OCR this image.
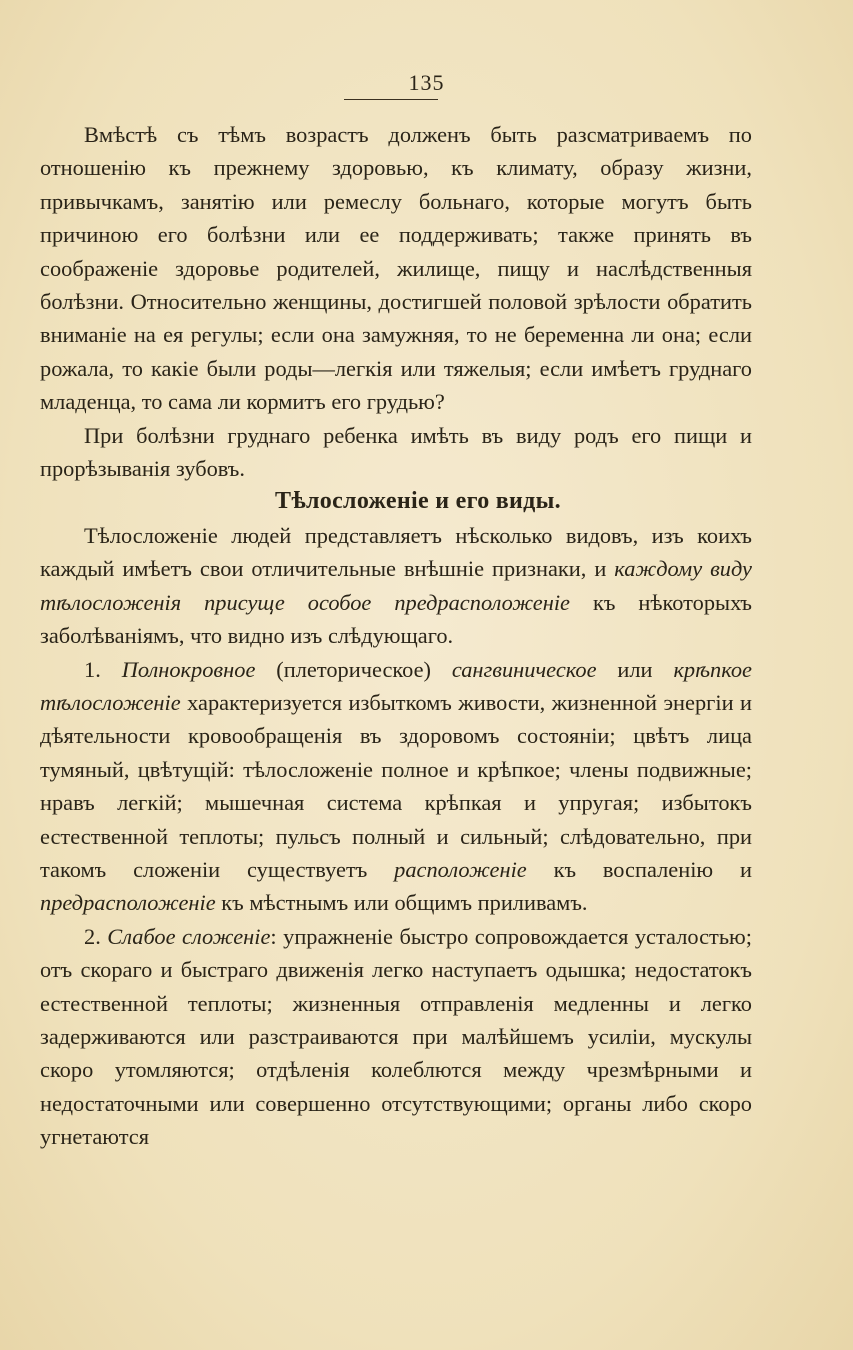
135

Вмѣстѣ съ тѣмъ возрастъ долженъ быть разсматриваемъ по отношенію къ прежнему здоровью, къ климату, образу жизни, привычкамъ, занятію или ремеслу больнаго, которые могутъ быть причиною его болѣзни или ее поддерживать; также принять въ соображеніе здоровье родителей, жилище, пищу и наслѣдственныя болѣзни. Относительно женщины, достигшей половой зрѣлости обратить вниманіе на ея регулы; если она замужняя, то не беременна ли она; если рожала, то какіе были роды—легкія или тяжелыя; если имѣетъ груднаго младенца, то сама ли кормитъ его грудью?

При болѣзни груднаго ребенка имѣть въ виду родъ его пищи и прорѣзыванія зубовъ.

Тѣлосложеніе и его виды.

Тѣлосложеніе людей представляетъ нѣсколько видовъ, изъ коихъ каждый имѣетъ свои отличительные внѣшніе признаки, и каждому виду тѣлосложенія присуще особое предрасположеніе къ нѣкоторыхъ заболѣваніямъ, что видно изъ слѣдующаго.

1. Полнокровное (плеторическое) сангвиническое или крѣпкое тѣлосложеніе характеризуется избыткомъ живости, жизненной энергіи и дѣятельности кровообращенія въ здоровомъ состояніи; цвѣтъ лица тумяный, цвѣтущій: тѣлосложеніе полное и крѣпкое; члены подвижные; нравъ легкій; мышечная система крѣпкая и упругая; избытокъ естественной теплоты; пульсъ полный и сильный; слѣдовательно, при такомъ сложеніи существуетъ расположеніе къ воспаленію и предрасположеніе къ мѣстнымъ или общимъ приливамъ.

2. Слабое сложеніе: упражненіе быстро сопровождается усталостью; отъ скораго и быстраго движенія легко наступаетъ одышка; недостатокъ естественной теплоты; жизненныя отправленія медленны и легко задерживаются или разстраиваются при малѣйшемъ усиліи, мускулы скоро утомляются; отдѣленія колеблются между чрезмѣрными и недостаточными или совершенно отсутствующими; органы либо скоро угнетаются
